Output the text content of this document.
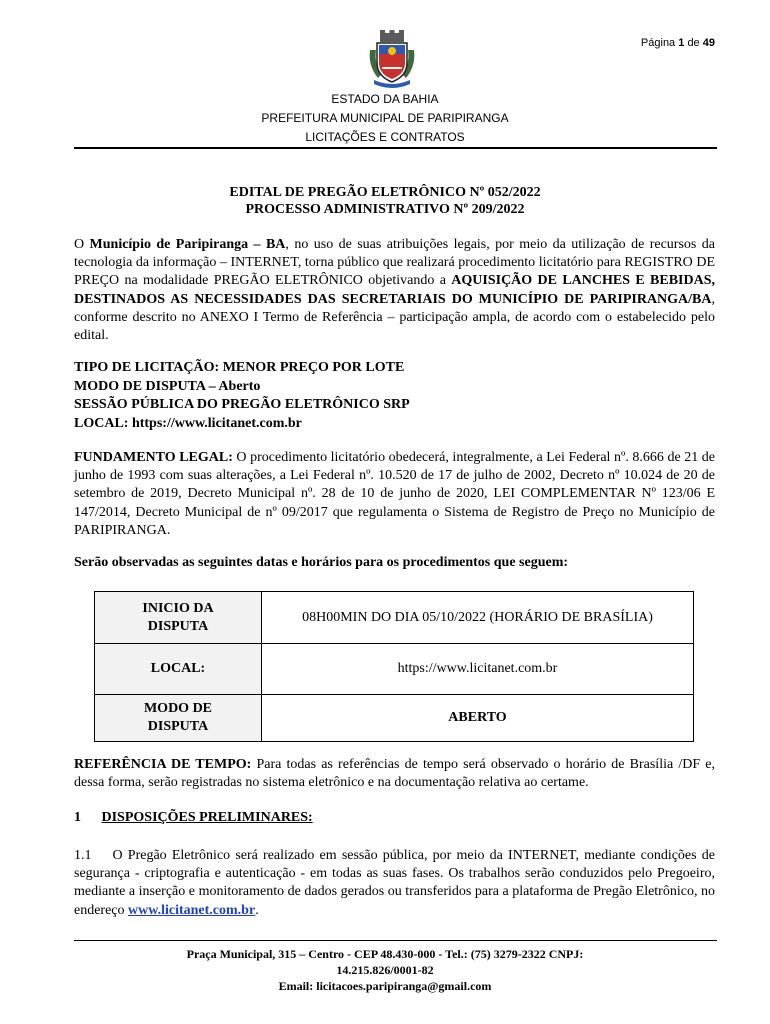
Página 1 de 49
ESTADO DA BAHIA
PREFEITURA MUNICIPAL DE PARIPIRANGA
LICITAÇÕES E CONTRATOS
EDITAL DE PREGÃO ELETRÔNICO Nº 052/2022
PROCESSO ADMINISTRATIVO Nº 209/2022

O Município de Paripiranga – BA, no uso de suas atribuições legais, por meio da utilização de recursos da tecnologia da informação – INTERNET, torna público que realizará procedimento licitatório para REGISTRO DE PREÇO na modalidade PREGÃO ELETRÔNICO objetivando a AQUISIÇÃO DE LANCHES E BEBIDAS, DESTINADOS AS NECESSIDADES DAS SECRETARIAIS DO MUNICÍPIO DE PARIPIRANGA/BA, conforme descrito no ANEXO I Termo de Referência – participação ampla, de acordo com o estabelecido pelo edital.

TIPO DE LICITAÇÃO: MENOR PREÇO POR LOTE
MODO DE DISPUTA – Aberto
SESSÃO PÚBLICA DO PREGÃO ELETRÔNICO SRP
LOCAL: https://www.licitanet.com.br

FUNDAMENTO LEGAL: O procedimento licitatório obedecerá, integralmente, a Lei Federal nº. 8.666 de 21 de junho de 1993 com suas alterações, a Lei Federal nº. 10.520 de 17 de julho de 2002, Decreto nº 10.024 de 20 de setembro de 2019, Decreto Municipal nº. 28 de 10 de junho de 2020, LEI COMPLEMENTAR Nº 123/06 E 147/2014, Decreto Municipal de nº 09/2017 que regulamenta o Sistema de Registro de Preço no Município de PARIPIRANGA.

Serão observadas as seguintes datas e horários para os procedimentos que seguem:
INICIO DA
DISPUTA	08H00MIN DO DIA 05/10/2022 (HORÁRIO DE BRASÍLIA)
LOCAL:	https://www.licitanet.com.br

MODO DE
DISPUTA	ABERTO

REFERÊNCIA DE TEMPO: Para todas as referências de tempo será observado o horário de Brasília /DF e, dessa forma, serão registradas no sistema eletrônico e na documentação relativa ao certame.

1 DISPOSIÇÕES PRELIMINARES:

1.1 O Pregão Eletrônico será realizado em sessão pública, por meio da INTERNET, mediante condições de segurança - criptografia e autenticação - em todas as suas fases. Os trabalhos serão conduzidos pelo Pregoeiro, mediante a inserção e monitoramento de dados gerados ou transferidos para a plataforma de Pregão Eletrônico, no endereço www.licitanet.com.br.

Praça Municipal, 315 – Centro - CEP 48.430-000 - Tel.: (75) 3279-2322 CNPJ:
14.215.826/0001-82
Email: licitacoes.paripiranga@gmail.com
